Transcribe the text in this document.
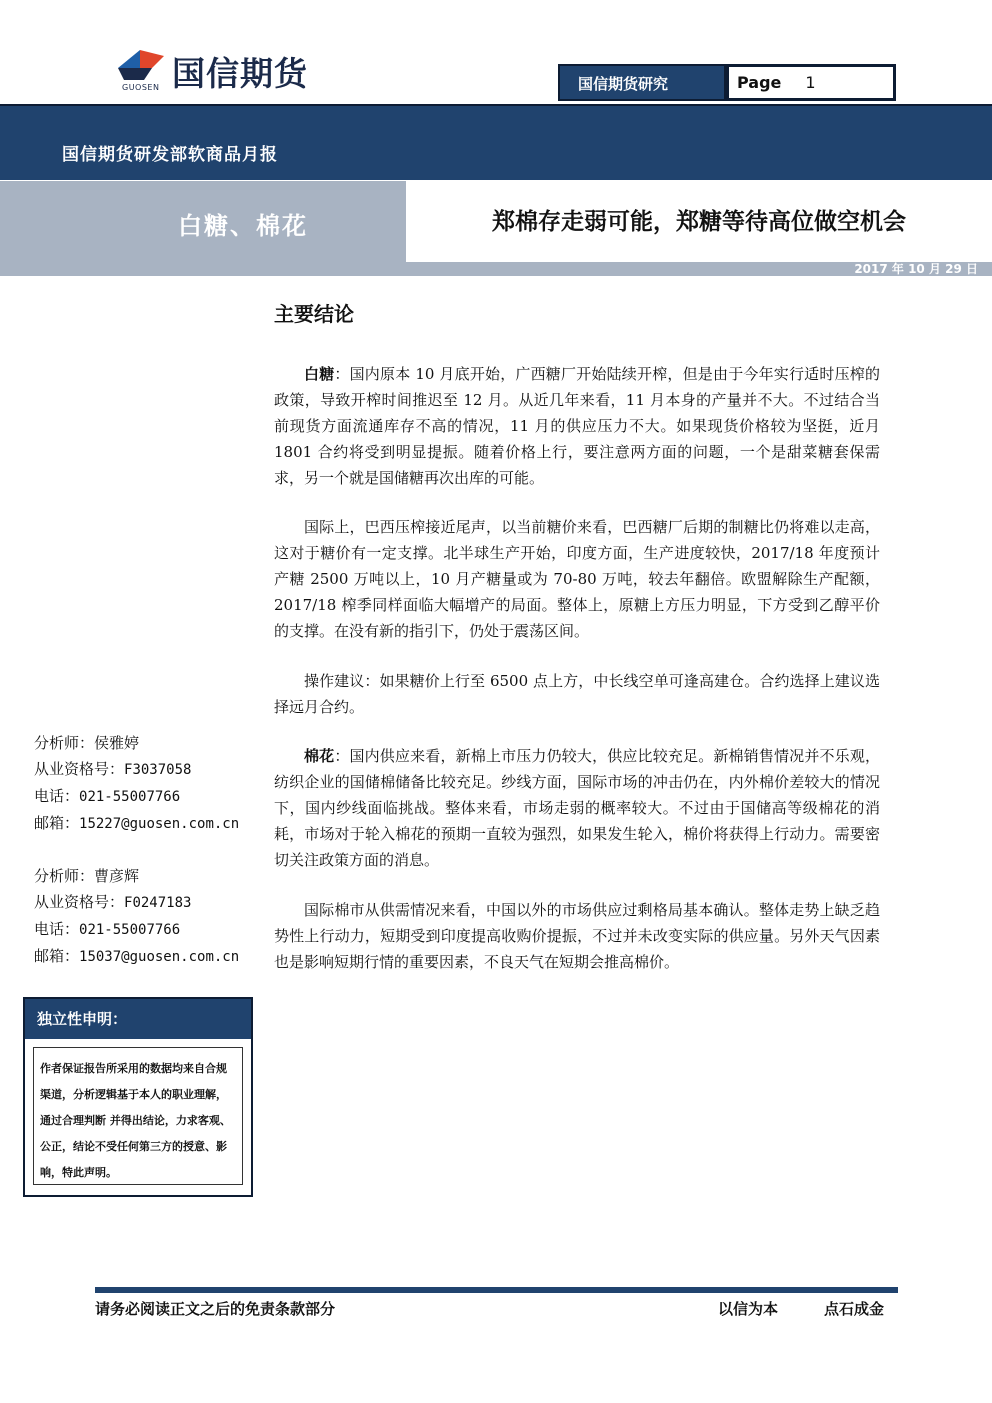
国信期货
GUOSEN	国信期货研究	Page 1
国信期货研发部软商品月报
白糖、棉花	郑棉存走弱可能，郑糖等待高位做空机会
2017 年 10 月 29 日
主要结论

白糖：国内原本 10 月底开始，广西糖厂开始陆续开榨，但是由于今年实行适时压榨的政策，导致开榨时间推迟至 12 月。从近几年来看，11 月本身的产量并不大。不过结合当前现货方面流通库存不高的情况，11 月的供应压力不大。如果现货价格较为坚挺，近月 1801 合约将受到明显提振。随着价格上行，要注意两方面的问题，一个是甜菜糖套保需求，另一个就是国储糖再次出库的可能。

国际上，巴西压榨接近尾声，以当前糖价来看，巴西糖厂后期的制糖比仍将难以走高，这对于糖价有一定支撑。北半球生产开始，印度方面，生产进度较快，2017/18 年度预计产糖 2500 万吨以上，10 月产糖量或为 70-80 万吨，较去年翻倍。欧盟解除生产配额，2017/18 榨季同样面临大幅增产的局面。整体上，原糖上方压力明显，下方受到乙醇平价的支撑。在没有新的指引下，仍处于震荡区间。

操作建议：如果糖价上行至 6500 点上方，中长线空单可逢高建仓。合约选择上建议选择远月合约。

棉花：国内供应来看，新棉上市压力仍较大，供应比较充足。新棉销售情况并不乐观，纺织企业的国储棉储备比较充足。纱线方面，国际市场的冲击仍在，内外棉价差较大的情况下，国内纱线面临挑战。整体来看，市场走弱的概率较大。不过由于国储高等级棉花的消耗，市场对于轮入棉花的预期一直较为强烈，如果发生轮入，棉价将获得上行动力。需要密切关注政策方面的消息。

国际棉市从供需情况来看，中国以外的市场供应过剩格局基本确认。整体走势上缺乏趋势性上行动力，短期受到印度提高收购价提振，不过并未改变实际的供应量。另外天气因素也是影响短期行情的重要因素，不良天气在短期会推高棉价。

分析师：侯雅婷
从业资格号：F3037058
电话：021-55007766
邮箱：15227@guosen.com.cn
分析师：曹彦辉
从业资格号：F0247183
电话：021-55007766
邮箱：15037@guosen.com.cn
独立性申明：
作者保证报告所采用的数据均来自合规渠道，分析逻辑基于本人的职业理解，通过合理判断 并得出结论，力求客观、公正，结论不受任何第三方的授意、影响，特此声明。
请务必阅读正文之后的免责条款部分	以信为本	点石成金
